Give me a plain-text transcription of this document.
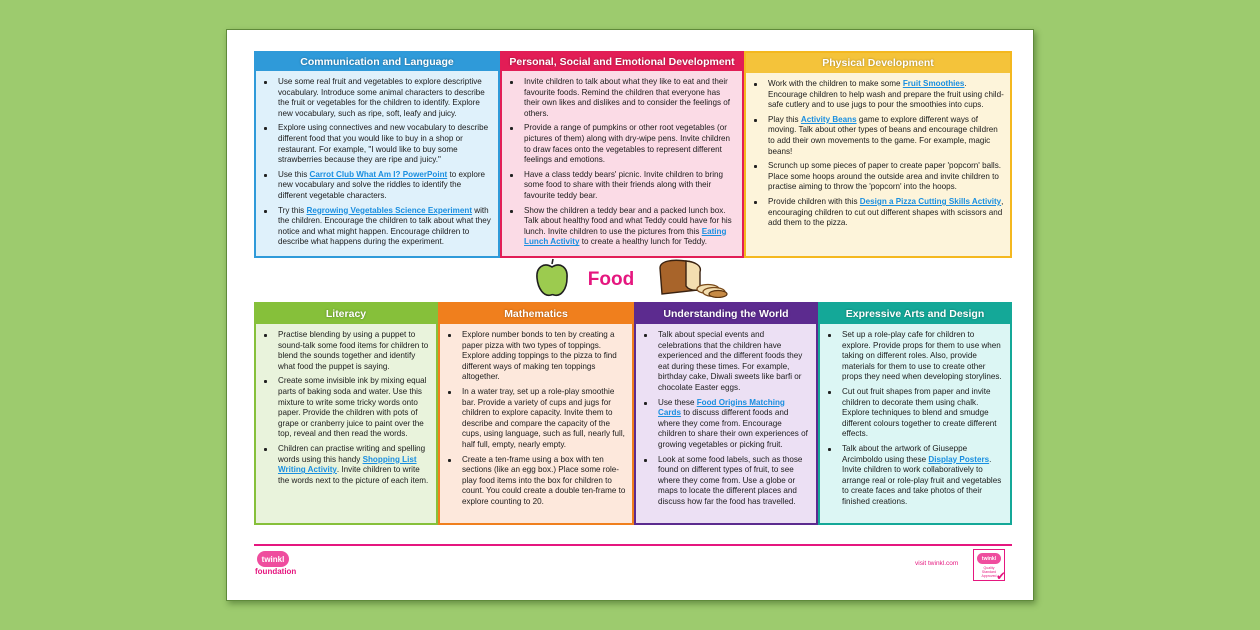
Communication and Language
Use some real fruit and vegetables to explore descriptive vocabulary. Introduce some animal characters to describe the fruit or vegetables for the children to identify. Explore new vocabulary, such as ripe, soft, leafy and juicy.
Explore using connectives and new vocabulary to describe different food that you would like to buy in a shop or restaurant. For example, "I would like to buy some strawberries because they are ripe and juicy."
Use this Carrot Club What Am I? PowerPoint to explore new vocabulary and solve the riddles to identify the different vegetable characters.
Try this Regrowing Vegetables Science Experiment with the children. Encourage the children to talk about what they notice and what might happen. Encourage children to describe what happens during the experiment.
Personal, Social and Emotional Development
Invite children to talk about what they like to eat and their favourite foods. Remind the children that everyone has their own likes and dislikes and to consider the feelings of others.
Provide a range of pumpkins or other root vegetables (or pictures of them) along with dry-wipe pens. Invite children to draw faces onto the vegetables to represent different feelings and emotions.
Have a class teddy bears' picnic. Invite children to bring some food to share with their friends along with their favourite teddy bear.
Show the children a teddy bear and a packed lunch box. Talk about healthy food and what Teddy could have for his lunch. Invite children to use the pictures from this Eating Lunch Activity to create a healthy lunch for Teddy.
Physical Development
Work with the children to make some Fruit Smoothies. Encourage children to help wash and prepare the fruit using child-safe cutlery and to use jugs to pour the smoothies into cups.
Play this Activity Beans game to explore different ways of moving. Talk about other types of beans and encourage children to add their own movements to the game. For example, magic beans!
Scrunch up some pieces of paper to create paper 'popcorn' balls. Place some hoops around the outside area and invite children to practise aiming to throw the 'popcorn' into the hoops.
Provide children with this Design a Pizza Cutting Skills Activity, encouraging children to cut out different shapes with scissors and add them to the pizza.
Food
Literacy
Practise blending by using a puppet to sound-talk some food items for children to blend the sounds together and identify what food the puppet is saying.
Create some invisible ink by mixing equal parts of baking soda and water. Use this mixture to write some tricky words onto paper. Provide the children with pots of grape or cranberry juice to paint over the top, reveal and then read the words.
Children can practise writing and spelling words using this handy Shopping List Writing Activity. Invite children to write the words next to the picture of each item.
Mathematics
Explore number bonds to ten by creating a paper pizza with two types of toppings. Explore adding toppings to the pizza to find different ways of making ten toppings altogether.
In a water tray, set up a role-play smoothie bar. Provide a variety of cups and jugs for children to explore capacity. Invite them to describe and compare the capacity of the cups, using language, such as full, nearly full, half full, empty, nearly empty.
Create a ten-frame using a box with ten sections (like an egg box.) Place some role-play food items into the box for children to count. You could create a double ten-frame to explore counting to 20.
Understanding the World
Talk about special events and celebrations that the children have experienced and the different foods they eat during these times. For example, birthday cake, Diwali sweets like barfi or chocolate Easter eggs.
Use these Food Origins Matching Cards to discuss different foods and where they come from. Encourage children to share their own experiences of growing vegetables or picking fruit.
Look at some food labels, such as those found on different types of fruit, to see where they come from. Use a globe or maps to locate the different places and discuss how far the food has travelled.
Expressive Arts and Design
Set up a role-play cafe for children to explore. Provide props for them to use when taking on different roles. Also, provide materials for them to use to create other props they need when developing storylines.
Cut out fruit shapes from paper and invite children to decorate them using chalk. Explore techniques to blend and smudge different colours together to create different effects.
Talk about the artwork of Giuseppe Arcimboldo using these Display Posters. Invite children to work collaboratively to arrange real or role-play fruit and vegetables to create faces and take photos of their finished creations.
twinkl
foundation
visit twinkl.com
twinkl
Quality Standard Approved ✔
